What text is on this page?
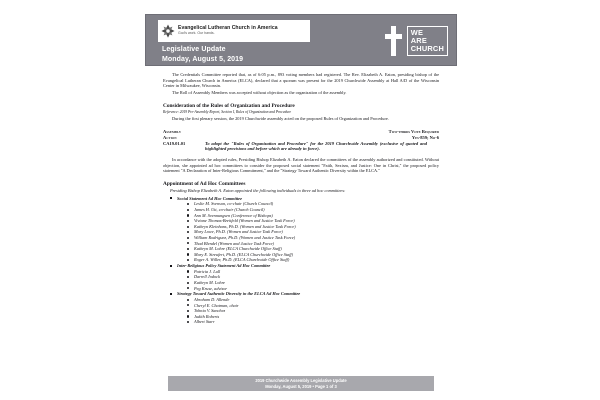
Evangelical Lutheran Church in America
God's work. Our hands.
Legislative Update
Monday, August 5, 2019
WE
ARE
CHURCH

The Credentials Committee reported that, as of 6:05 p.m., 893 voting members had registered. The Rev. Elizabeth A. Eaton, presiding bishop of the Evangelical Lutheran Church in America (ELCA), declared that a quorum was present for the 2019 Churchwide Assembly at Hall A/D of the Wisconsin Center in Milwaukee, Wisconsin.

The Roll of Assembly Members was accepted without objection as the organization of the assembly.

Consideration of the Rules of Organization and Procedure
Reference: 2019 Pre-Assembly Report, Section I, Rules of Organization and Procedure

During the first plenary session, the 2019 Churchwide assembly acted on the proposed Rules of Organization and Procedure.

Assembly	Two-thirds Vote Required
Action	Yes-859; No-6
CA19.01.01	To adopt the "Rules of Organization and Procedure" for the 2019 Churchwide Assembly (exclusive of quoted and highlighted provisions and before which are already in force).

In accordance with the adopted rules, Presiding Bishop Elizabeth A. Eaton declared the committees of the assembly authorized and constituted. Without objection, she appointed ad hoc committees to consider the proposed social statement "Faith, Sexism, and Justice: One in Christ," the proposed policy statement "A Declaration of Inter-Religious Commitment," and the "Strategy Toward Authentic Diversity within the ELCA."

Appointment of Ad Hoc Committees
Presiding Bishop Elizabeth A. Eaton appointed the following individuals to three ad hoc committees:
Social Statement Ad Hoc Committee
Leslie M. Svenson, co-chair (Church Council)
James H. Utt, co-chair (Church Council)
Ann M. Svennungsen (Conference of Bishops)
Viviane Thomas-Breitfeld (Women and Justice Task Force)
Kathryn Kleinhans, Ph.D. (Women and Justice Task Force)
Mary Lowe, Ph.D. (Women and Justice Task Force)
William Rodriguez, Ph.D. (Women and Justice Task Force)
Thad Blendel (Women and Justice Task Force)
Kathryn M. Lohre (ELCA Churchwide Office Staff)
Mary E. Streufert, Ph.D. (ELCA Churchwide Office Staff)
Roger A. Willer, Ph.D. (ELCA Churchwide Office Staff)
Inter-Religious Policy Statement Ad Hoc Committee
Patricia J. Lull
Darrell Jodock
Kathryn M. Lohre
Peg Kruse, advisor
Strategy Toward Authentic Diversity in the ELCA Ad Hoc Committee
Abraham D. Allende
Cheryl E. Chatman, chair
Tohnia V. Sanchez
Judith Roberts
Albert Starr
2019 Churchwide Assembly Legislative Update
Monday, August 5, 2019 • Page 1 of 3
